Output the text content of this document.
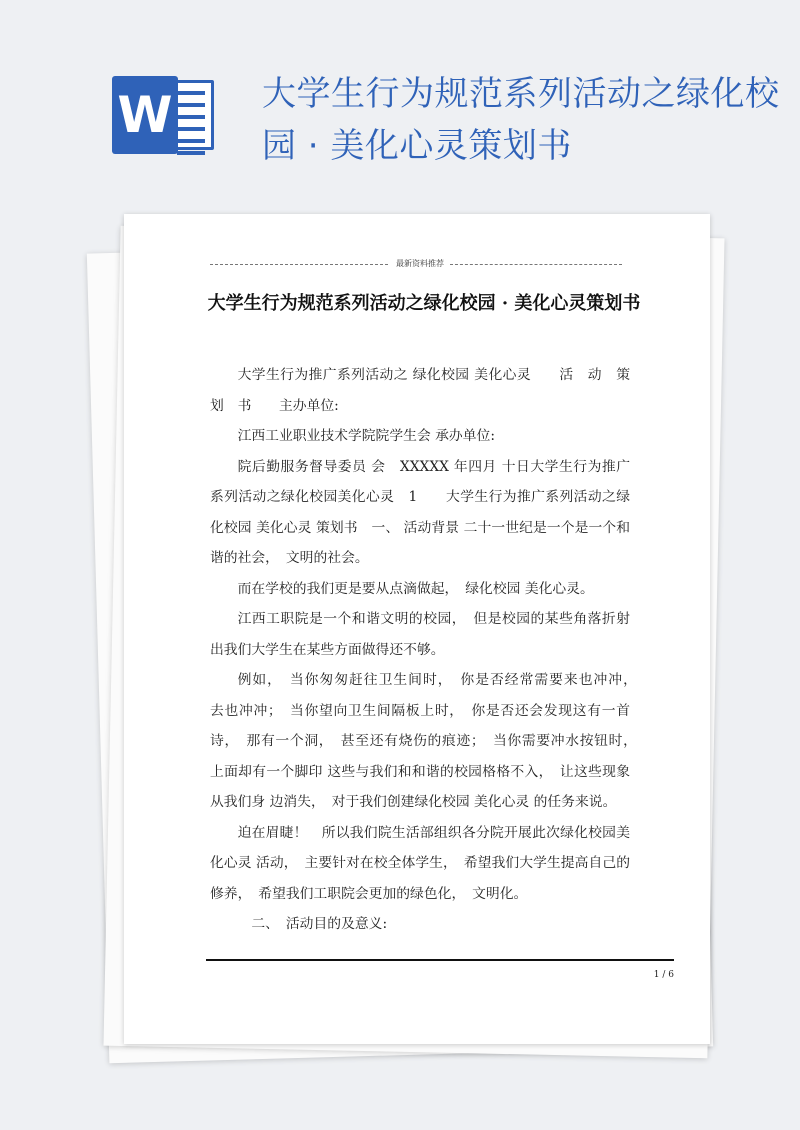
W	大学生行为规范系列活动之绿化校园 · 美化心灵策划书
最新资料推荐
大学生行为规范系列活动之绿化校园 · 美化心灵策划书

大学生行为推广系列活动之 绿化校园 美化心灵　　活　动　策划　书　　主办单位:

江西工业职业技术学院院学生会 承办单位:

院后勤服务督导委员 会　XXXXX 年四月 十日大学生行为推广系列活动之绿化校园美化心灵　1　　大学生行为推广系列活动之绿化校园 美化心灵 策划书　一、 活动背景 二十一世纪是一个是一个和谐的社会，　文明的社会。

而在学校的我们更是要从点滴做起，　绿化校园 美化心灵。

江西工职院是一个和谐文明的校园，　但是校园的某些角落折射出我们大学生在某些方面做得还不够。

例如，　当你匆匆赶往卫生间时，　你是否经常需要来也冲冲，　去也冲冲；　当你望向卫生间隔板上时，　你是否还会发现这有一首诗，　那有一个洞，　甚至还有烧伤的痕迹；　当你需要冲水按钮时，　上面却有一个脚印 这些与我们和和谐的校园格格不入，　让这些现象从我们身 边消失，　对于我们创建绿化校园 美化心灵 的任务来说。

迫在眉睫！　所以我们院生活部组织各分院开展此次绿化校园美化心灵 活动，　主要针对在校全体学生，　希望我们大学生提高自己的修养，　希望我们工职院会更加的绿色化，　文明化。

二、　活动目的及意义:

1 / 6
